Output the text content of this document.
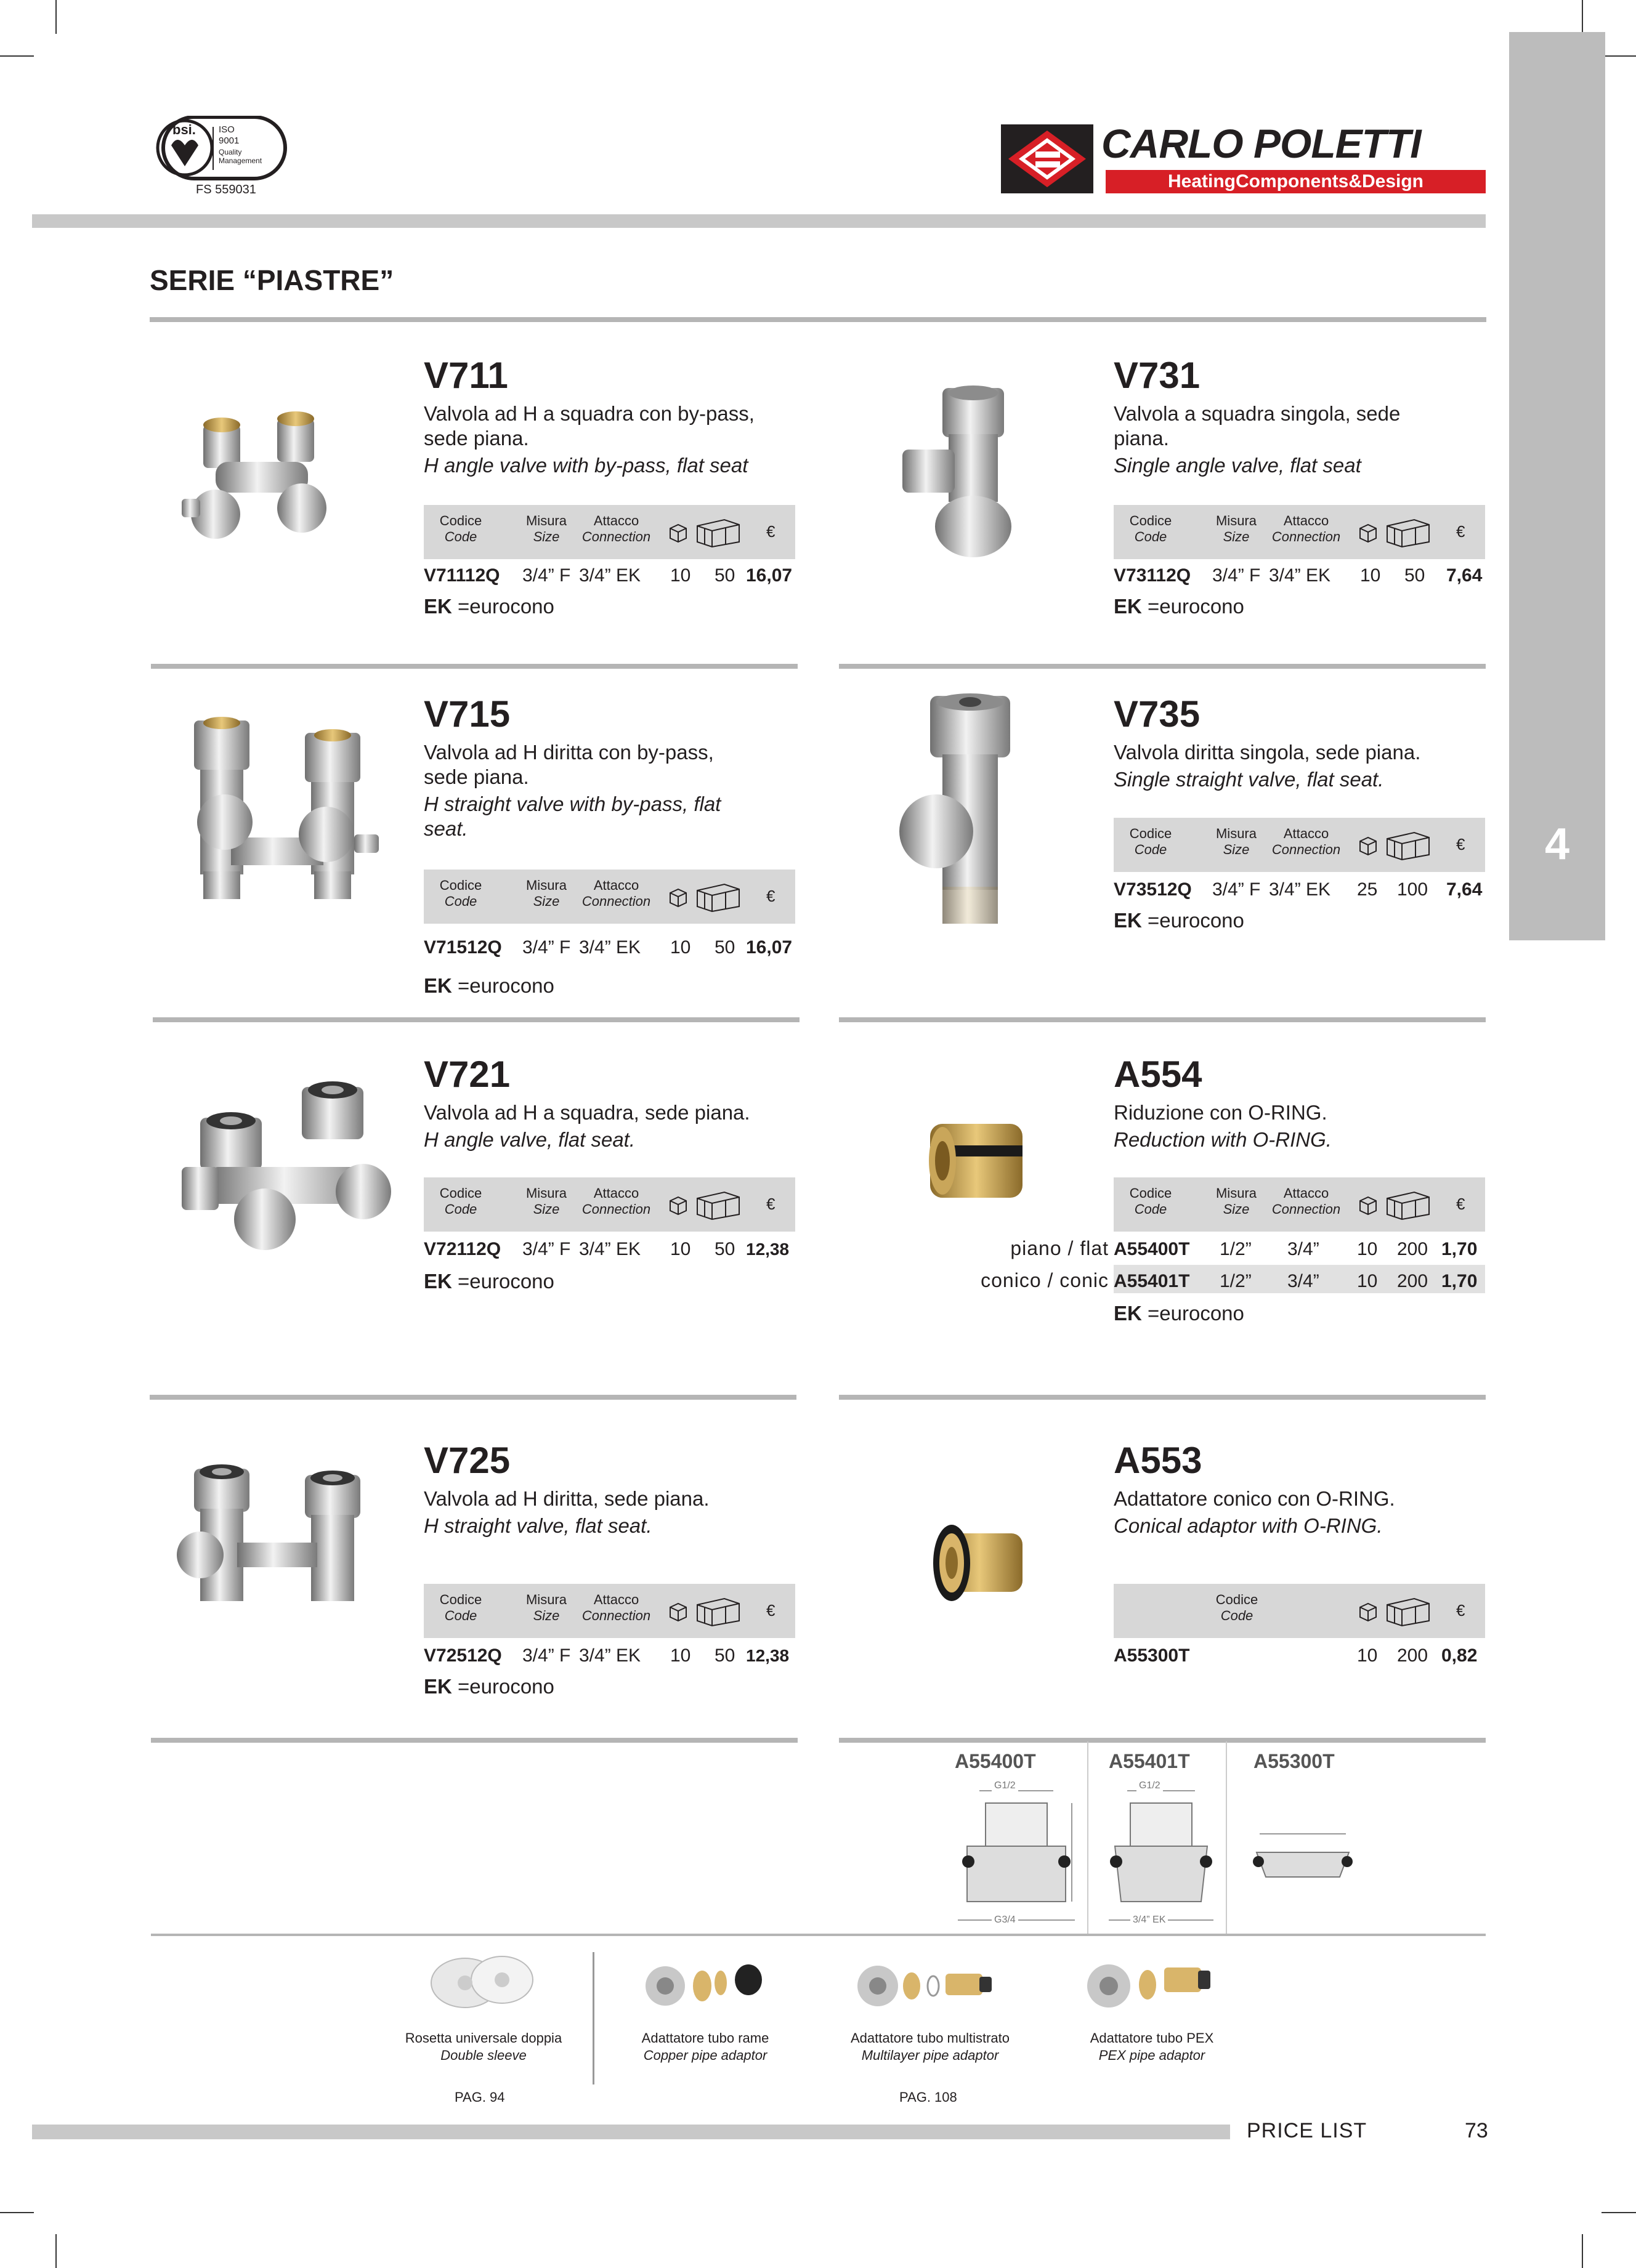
4
bsi. ISO
9001
Quality
Management
FS 559031
CARLO POLETTI
HeatingComponents&Design
SERIE “PIASTRE”
V711
Valvola ad H a squadra con by-pass, sede piana.
H angle valve with by-pass, flat seat
Codice
Code
Misura
Size
Attacco
Connection	€
V71112Q 3/4” F 3/4” EK 10 50 16,07
EK =eurocono
V731
Valvola a squadra singola, sede piana.
Single angle valve, flat seat
Codice
Code
Misura
Size
Attacco
Connection	€
V73112Q 3/4” F 3/4” EK 10 50 7,64
EK =eurocono
V715
Valvola ad H diritta con by-pass, sede piana.
H straight valve with by-pass, flat seat.
Codice
Code
Misura
Size
Attacco
Connection	€
V71512Q 3/4” F 3/4” EK 10 50 16,07
EK =eurocono
V735
Valvola diritta singola, sede piana.
Single straight valve, flat seat.
Codice
Code
Misura
Size
Attacco
Connection	€
V73512Q 3/4” F 3/4” EK 25 100 7,64
EK =eurocono
V721
Valvola ad H a squadra, sede piana.
H angle valve, flat seat.
Codice
Code
Misura
Size
Attacco
Connection	€
V72112Q 3/4” F 3/4” EK 10 50 12,38
EK =eurocono
A554
Riduzione con O-RING.
Reduction with O-RING.
Codice
Code
Misura
Size
Attacco
Connection	€
piano / flat A55400T 1/2” 3/4” 10 200 1,70
conico / conic A55401T 1/2” 3/4” 10 200 1,70
EK =eurocono
V725
Valvola ad H diritta, sede piana.
H straight valve, flat seat.
Codice
Code
Misura
Size
Attacco
Connection	€
V72512Q 3/4” F 3/4” EK 10 50 12,38
EK =eurocono
A553
Adattatore conico con O-RING.
Conical adaptor with O-RING.
Codice
Code	€
A55300T	10 200 0,82
A55400T	A55401T	A55300T
G1/2
G3/4
G1/2
3/4” EK
Rosetta universale doppia
Double sleeve
Adattatore tubo rame
Copper pipe adaptor
Adattatore tubo multistrato
Multilayer pipe adaptor
Adattatore tubo PEX
PEX pipe adaptor
PAG. 94	PAG. 108
PRICE LIST	73
